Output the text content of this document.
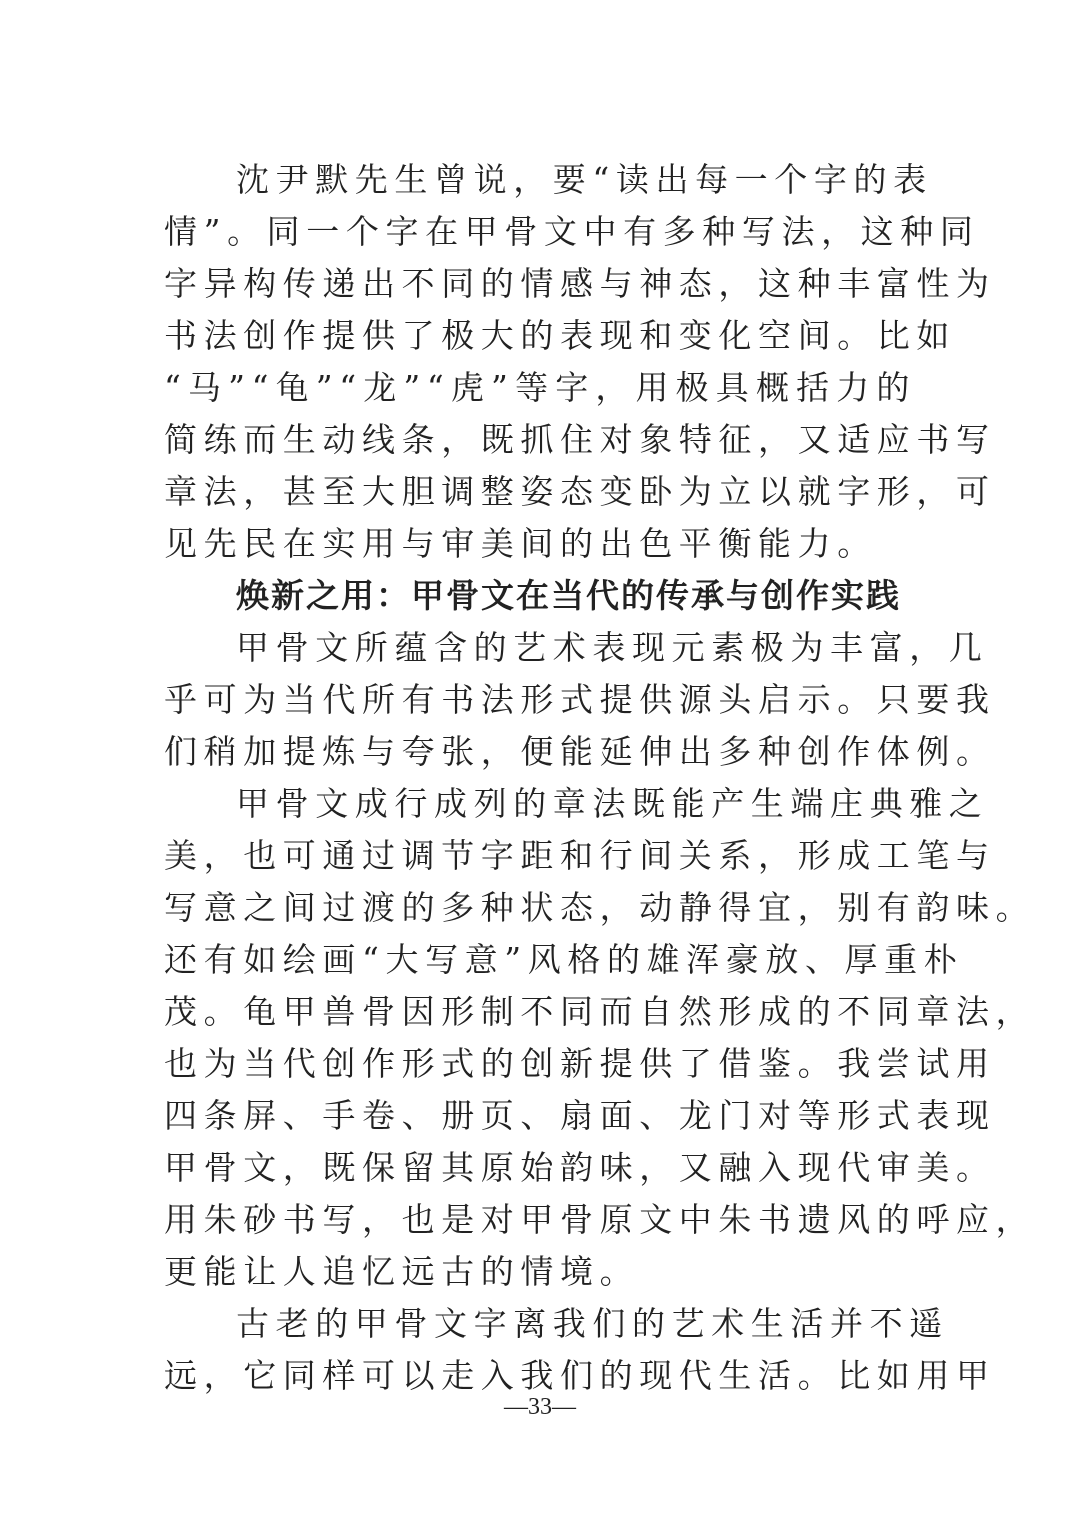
沈尹默先生曾说，要“读出每一个字的表
情”。同一个字在甲骨文中有多种写法，这种同
字异构传递出不同的情感与神态，这种丰富性为
书法创作提供了极大的表现和变化空间。比如
“马”“龟”“龙”“虎”等字，用极具概括力的
简练而生动线条，既抓住对象特征，又适应书写
章法，甚至大胆调整姿态变卧为立以就字形，可
见先民在实用与审美间的出色平衡能力。
焕新之用：甲骨文在当代的传承与创作实践
甲骨文所蕴含的艺术表现元素极为丰富，几
乎可为当代所有书法形式提供源头启示。只要我
们稍加提炼与夸张，便能延伸出多种创作体例。
甲骨文成行成列的章法既能产生端庄典雅之
美，也可通过调节字距和行间关系，形成工笔与
写意之间过渡的多种状态，动静得宜，别有韵味。
还有如绘画“大写意”风格的雄浑豪放、厚重朴
茂。龟甲兽骨因形制不同而自然形成的不同章法，
也为当代创作形式的创新提供了借鉴。我尝试用
四条屏、手卷、册页、扇面、龙门对等形式表现
甲骨文，既保留其原始韵味，又融入现代审美。
用朱砂书写，也是对甲骨原文中朱书遗风的呼应，
更能让人追忆远古的情境。
古老的甲骨文字离我们的艺术生活并不遥
远，它同样可以走入我们的现代生活。比如用甲
—33—
